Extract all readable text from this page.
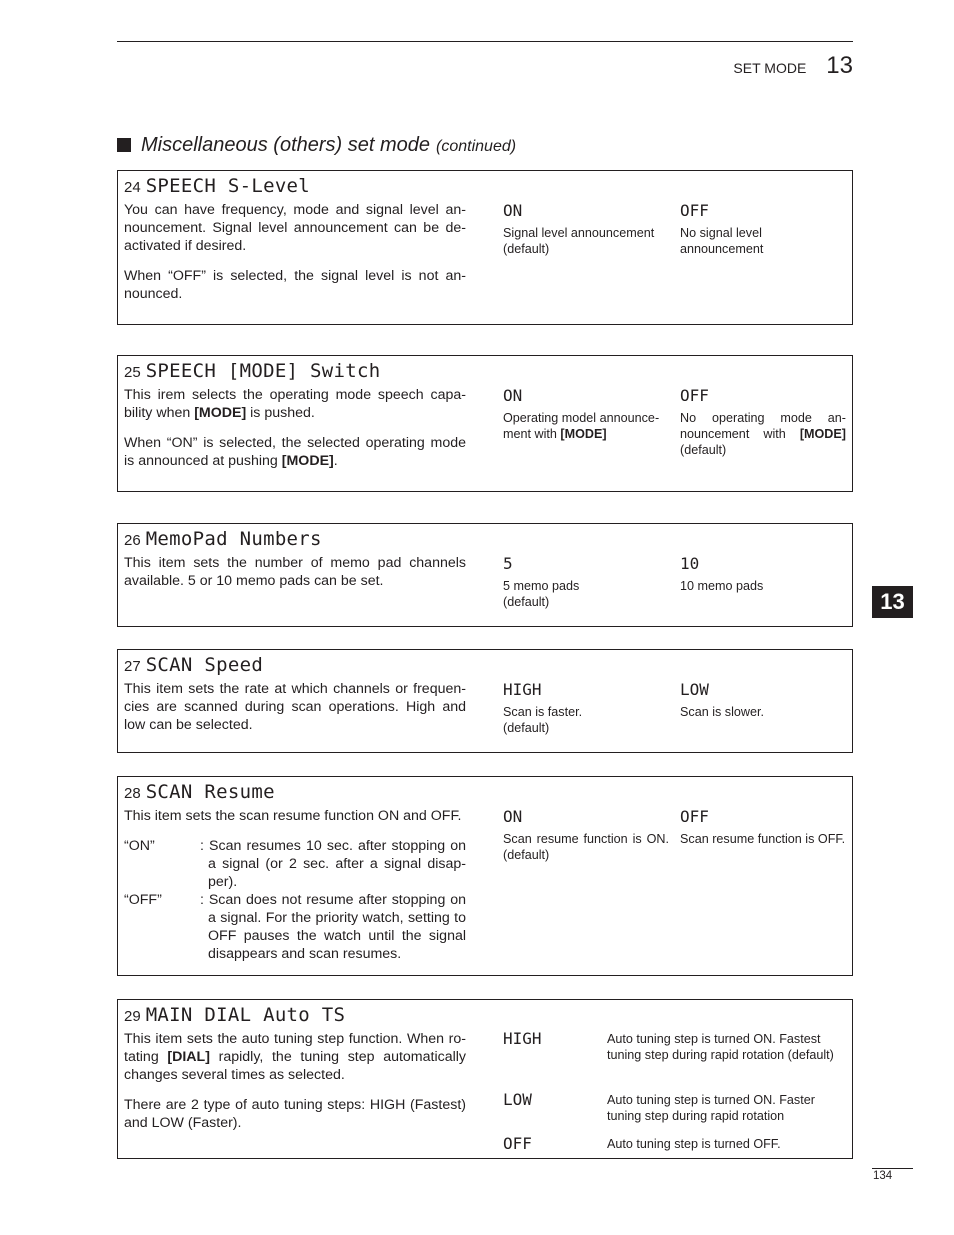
SET MODE 13
Miscellaneous (others) set mode (continued)
24 SPEECH S-Level

You can have frequency, mode and signal level announcement. Signal level announcement can be deactivated if desired.

When “OFF” is selected, the signal level is not announced.

ON
Signal level announcement (default)
OFF
No signal level announcement
25 SPEECH [MODE] Switch

This irem selects the operating mode speech capability when [MODE] is pushed.

When “ON” is selected, the selected operating mode is announced at pushing [MODE].

ON
Operating model announcement with [MODE]
OFF
No operating mode announcement with [MODE] (default)
26 MemoPad Numbers

This item sets the number of memo pad channels available. 5 or 10 memo pads can be set.

5
5 memo pads (default)
10
10 memo pads
27 SCAN Speed

This item sets the rate at which channels or frequencies are scanned during scan operations. High and low can be selected.

HIGH
Scan is faster. (default)
LOW
Scan is slower.
28 SCAN Resume

This item sets the scan resume function ON and OFF.

“ON”	: Scan resumes 10 sec. after stopping on a signal (or 2 sec. after a signal disapper).
“OFF”	: Scan does not resume after stopping on a signal. For the priority watch, setting to OFF pauses the watch until the signal disappears and scan resumes.
ON
Scan resume function is ON. (default)
OFF
Scan resume function is OFF.
29 MAIN DIAL Auto TS

This item sets the auto tuning step function. When rotating [DIAL] rapidly, the tuning step automatically changes several times as selected.

There are 2 type of auto tuning steps: HIGH (Fastest) and LOW (Faster).

HIGH	Auto tuning step is turned ON. Fastest tuning step during rapid rotation (default)
LOW	Auto tuning step is turned ON. Faster tuning step during rapid rotation
OFF	Auto tuning step is turned OFF.
13
134
